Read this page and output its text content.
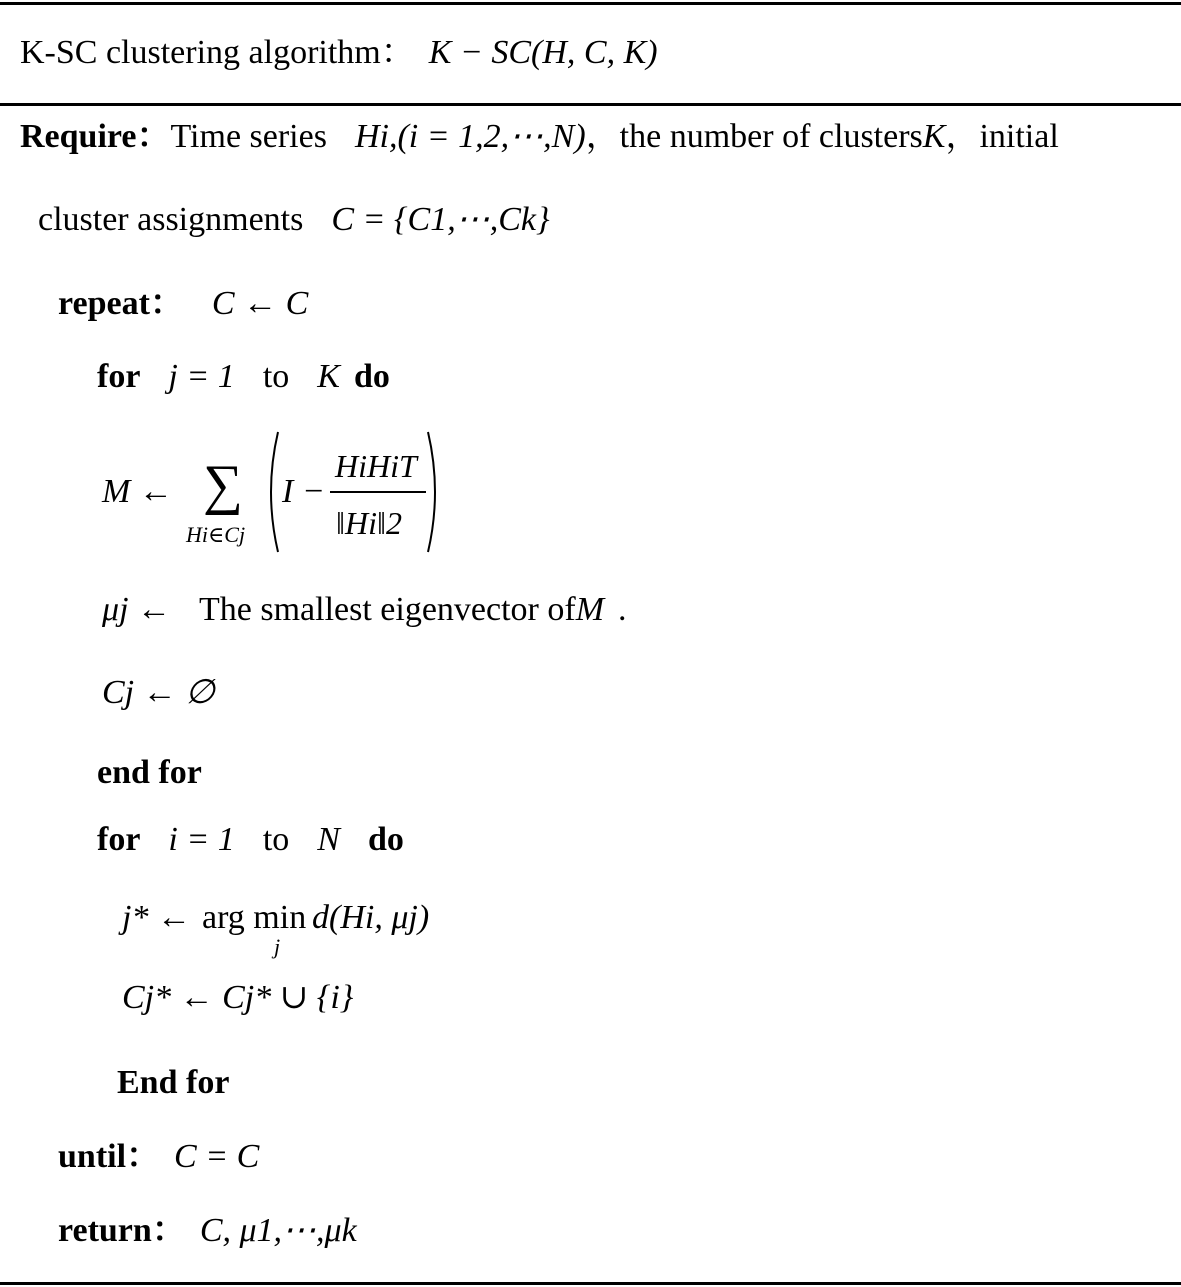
K-SC clustering algorithm： K − SC(H, C, K)
Require：Time series Hi,(i = 1,2,⋯,N)，the number of clustersK，initial
cluster assignments C = {C1,⋯,Ck}
repeat： C ← C
for j = 1 to K do
M ← ∑
Hi∈Cj
I −
HiHiT
‖Hi‖2
μj ← The smallest eigenvector ofM .
Cj ← ∅
end for
for i = 1 to N do
j* ← arg min
j
d(Hi, μj)
Cj* ← Cj* ∪ {i}
End for
until： C = C
return： C, μ1,⋯,μk
